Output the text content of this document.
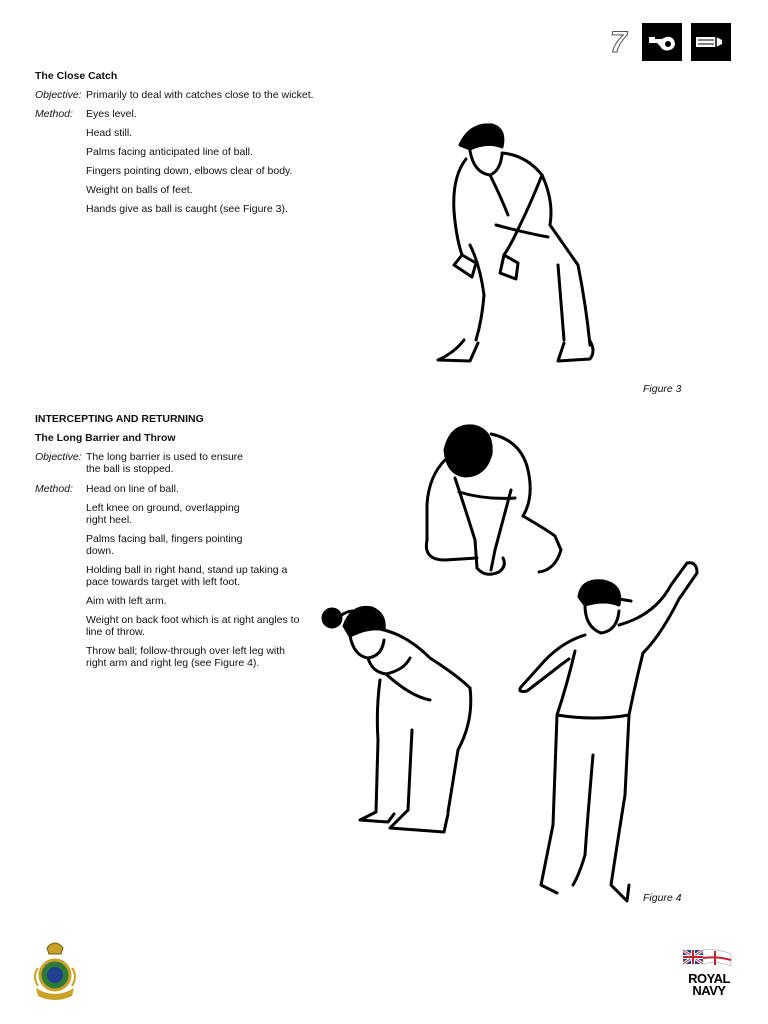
7
The Close Catch
Objective: Primarily to deal with catches close to the wicket.
Method: Eyes level.
Head still.
Palms facing anticipated line of ball.
Fingers pointing down, elbows clear of body.
Weight on balls of feet.
Hands give as ball is caught (see Figure 3).
Figure 3
INTERCEPTING AND RETURNING
The Long Barrier and Throw
Objective: The long barrier is used to ensure
the ball is stopped.
Method: Head on line of ball.
Left knee on ground, overlapping
right heel.
Palms facing ball, fingers pointing
down.
Holding ball in right hand, stand up taking a
pace towards target with left foot.
Aim with left arm.
Weight on back foot which is at right angles to
line of throw.
Throw ball; follow-through over left leg with
right arm and right leg (see Figure 4).
Figure 4
ROYAL
NAVY
